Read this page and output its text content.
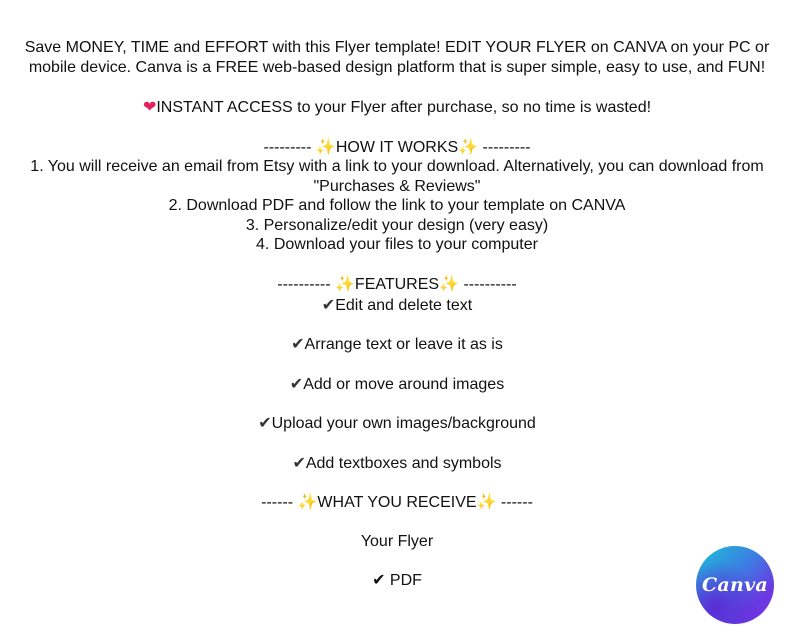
Save MONEY, TIME and EFFORT with this Flyer template! EDIT YOUR FLYER on CANVA on your PC or
mobile device. Canva is a FREE web-based design platform that is super simple, easy to use, and FUN!
❤INSTANT ACCESS to your Flyer after purchase, so no time is wasted!
--------- ✨HOW IT WORKS✨ ---------
1. You will receive an email from Etsy with a link to your download. Alternatively, you can download from
"Purchases & Reviews"
2. Download PDF and follow the link to your template on CANVA
3. Personalize/edit your design (very easy)
4. Download your files to your computer
---------- ✨FEATURES✨ ----------
✔Edit and delete text
✔Arrange text or leave it as is
✔Add or move around images
✔Upload your own images/background
✔Add textboxes and symbols
------ ✨WHAT YOU RECEIVE✨ ------
Your Flyer
✔ PDF	Canva
